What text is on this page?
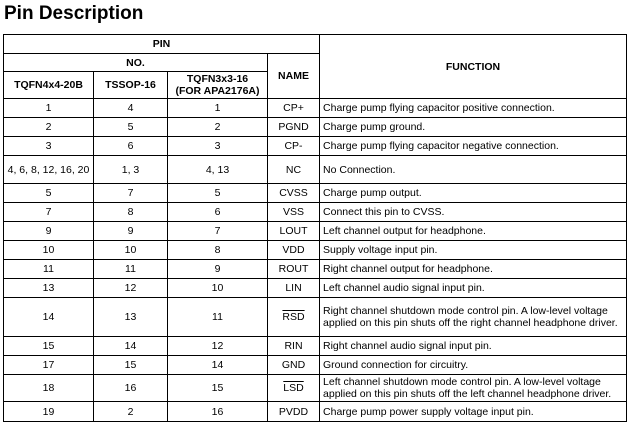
Pin Description
PIN				FUNCTION
NO.			NAME	
TQFN4x4-20B	TSSOP-16	TQFN3x3-16
(FOR APA2176A)		
1	4	1	CP+	Charge pump flying capacitor positive connection.
2	5	2	PGND	Charge pump ground.
3	6	3	CP-	Charge pump flying capacitor negative connection.
4, 6, 8, 12, 16, 20	1, 3	4, 13	NC	No Connection.
5	7	5	CVSS	Charge pump output.
7	8	6	VSS	Connect this pin to CVSS.
9	9	7	LOUT	Left channel output for headphone.
10	10	8	VDD	Supply voltage input pin.
11	11	9	ROUT	Right channel output for headphone.
13	12	10	LIN	Left channel audio signal input pin.
14	13	11	$\overline{RSD}$	Right channel shutdown mode control pin. A low-level voltage applied on this pin shuts off the right channel headphone driver.
15	14	12	RIN	Right channel audio signal input pin.
17	15	14	GND	Ground connection for circuitry.
18	16	15	$\overline{LSD}$	Left channel shutdown mode control pin. A low-level voltage applied on this pin shuts off the left channel headphone driver.
19	2	16	PVDD	Charge pump power supply voltage input pin.
